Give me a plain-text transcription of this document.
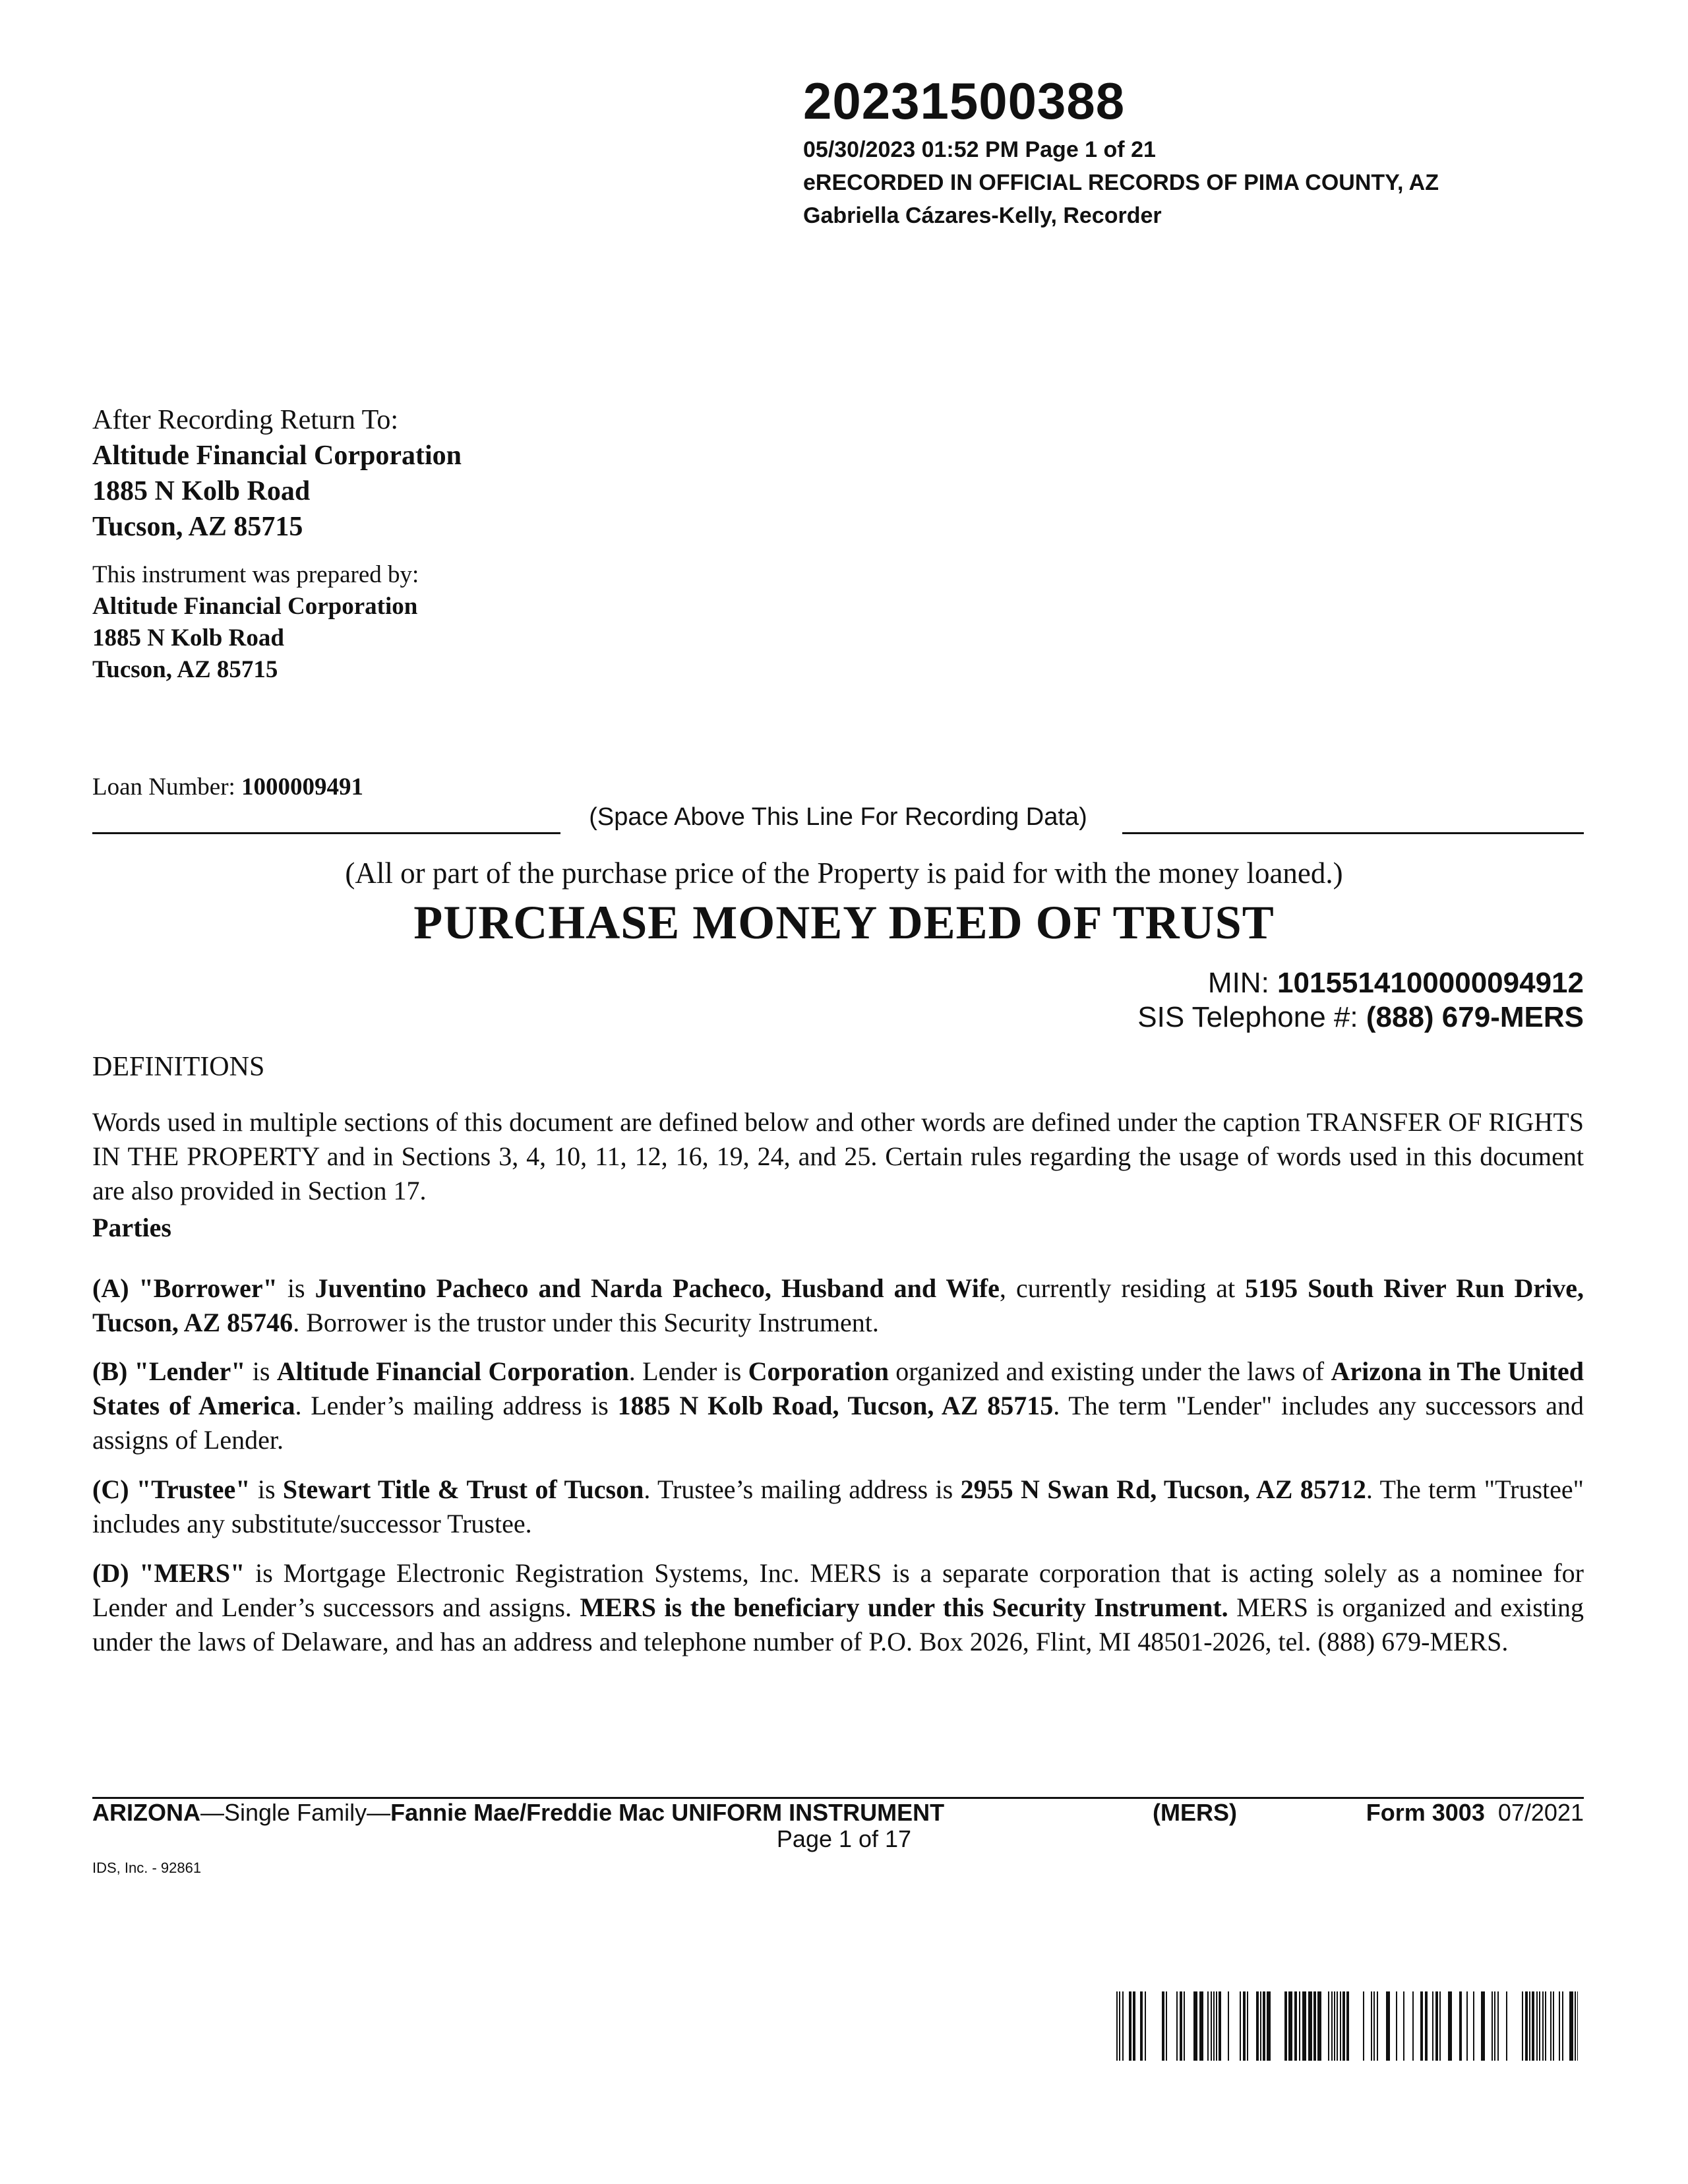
20231500388
05/30/2023 01:52 PM Page 1 of 21
eRECORDED IN OFFICIAL RECORDS OF PIMA COUNTY, AZ
Gabriella Cázares-Kelly, Recorder
After Recording Return To:
Altitude Financial Corporation
1885 N Kolb Road
Tucson, AZ 85715
This instrument was prepared by:
Altitude Financial Corporation
1885 N Kolb Road
Tucson, AZ 85715
Loan Number: 1000009491
(Space Above This Line For Recording Data)
(All or part of the purchase price of the Property is paid for with the money loaned.)
PURCHASE MONEY DEED OF TRUST
MIN: 1015514100000094912
SIS Telephone #: (888) 679-MERS
DEFINITIONS
Words used in multiple sections of this document are defined below and other words are defined under the caption TRANSFER OF RIGHTS IN THE PROPERTY and in Sections 3, 4, 10, 11, 12, 16, 19, 24, and 25. Certain rules regarding the usage of words used in this document are also provided in Section 17.
Parties
(A) "Borrower" is Juventino Pacheco and Narda Pacheco, Husband and Wife, currently residing at 5195 South River Run Drive, Tucson, AZ 85746. Borrower is the trustor under this Security Instrument.
(B) "Lender" is Altitude Financial Corporation. Lender is Corporation organized and existing under the laws of Arizona in The United States of America. Lender’s mailing address is 1885 N Kolb Road, Tucson, AZ 85715. The term "Lender" includes any successors and assigns of Lender.
(C) "Trustee" is Stewart Title & Trust of Tucson. Trustee’s mailing address is 2955 N Swan Rd, Tucson, AZ 85712. The term "Trustee" includes any substitute/successor Trustee.
(D) "MERS" is Mortgage Electronic Registration Systems, Inc. MERS is a separate corporation that is acting solely as a nominee for Lender and Lender’s successors and assigns. MERS is the beneficiary under this Security Instrument. MERS is organized and existing under the laws of Delaware, and has an address and telephone number of P.O. Box 2026, Flint, MI 48501-2026, tel. (888) 679-MERS.
ARIZONA—Single Family—Fannie Mae/Freddie Mac UNIFORM INSTRUMENT	(MERS)	Form 3003 07/2021
Page 1 of 17
IDS, Inc. - 92861
